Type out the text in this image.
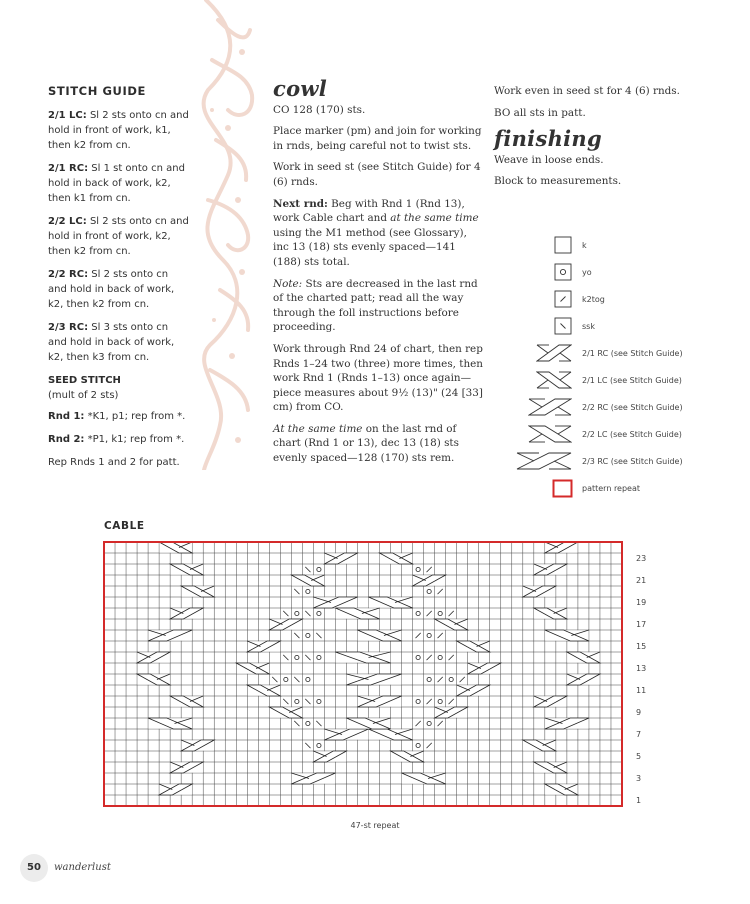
STITCH GUIDE

2/1 LC: Sl 2 sts onto cn and hold in front of work, k1, then k2 from cn.

2/1 RC: Sl 1 st onto cn and hold in back of work, k2, then k1 from cn.

2/2 LC: Sl 2 sts onto cn and hold in front of work, k2, then k2 from cn.

2/2 RC: Sl 2 sts onto cn and hold in back of work, k2, then k2 from cn.

2/3 RC: Sl 3 sts onto cn and hold in back of work, k2, then k3 from cn.

SEED STITCH
(mult of 2 sts)

Rnd 1: *K1, p1; rep from *.

Rnd 2: *P1, k1; rep from *.

Rep Rnds 1 and 2 for patt.

cowl

CO 128 (170) sts.

Place marker (pm) and join for working in rnds, being careful not to twist sts.

Work in seed st (see Stitch Guide) for 4 (6) rnds.

Next rnd: Beg with Rnd 1 (Rnd 13), work Cable chart and at the same time using the M1 method (see Glossary), inc 13 (18) sts evenly spaced—141 (188) sts total.

Note: Sts are decreased in the last rnd of the charted patt; read all the way through the foll instructions before proceeding.

Work through Rnd 24 of chart, then rep Rnds 1–24 two (three) more times, then work Rnd 1 (Rnds 1–13) once again—piece measures about 9½ (13)" (24 [33] cm) from CO.

At the same time on the last rnd of chart (Rnd 1 or 13), dec 13 (18) sts evenly spaced—128 (170) sts rem.

Work even in seed st for 4 (6) rnds.

BO all sts in patt.

finishing

Weave in loose ends.

Block to measurements.

k
yo
k2tog
ssk
2/1 RC (see Stitch Guide)
2/1 LC (see Stitch Guide)
2/2 RC (see Stitch Guide)
2/2 LC (see Stitch Guide)
2/3 RC (see Stitch Guide)
pattern repeat
CABLE
23
21
19
17
15
13
11
9
7
5
3
1
47-st repeat
50	wanderlust
